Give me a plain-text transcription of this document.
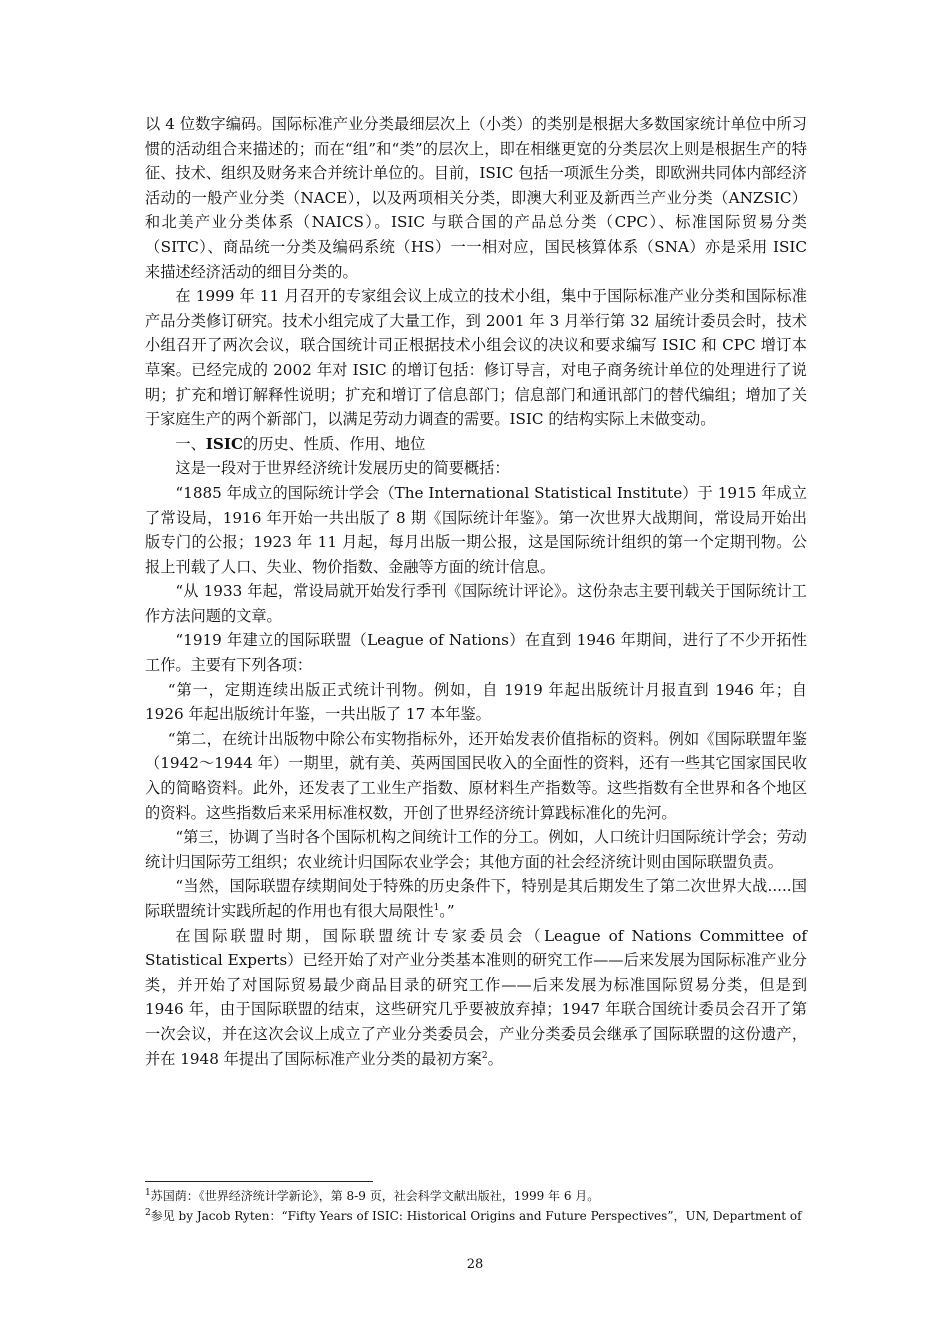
以 4 位数字编码。国际标准产业分类最细层次上（小类）的类别是根据大多数国家统计单位中所习惯的活动组合来描述的；而在“组”和“类”的层次上，即在相继更宽的分类层次上则是根据生产的特征、技术、组织及财务来合并统计单位的。目前，ISIC 包括一项派生分类，即欧洲共同体内部经济活动的一般产业分类（NACE），以及两项相关分类，即澳大利亚及新西兰产业分类（ANZSIC）和北美产业分类体系（NAICS）。ISIC 与联合国的产品总分类（CPC）、标准国际贸易分类（SITC）、商品统一分类及编码系统（HS）一一相对应，国民核算体系（SNA）亦是采用 ISIC 来描述经济活动的细目分类的。

在 1999 年 11 月召开的专家组会议上成立的技术小组，集中于国际标准产业分类和国际标准产品分类修订研究。技术小组完成了大量工作，到 2001 年 3 月举行第 32 届统计委员会时，技术小组召开了两次会议，联合国统计司正根据技术小组会议的决议和要求编写 ISIC 和 CPC 增订本草案。已经完成的 2002 年对 ISIC 的增订包括：修订导言，对电子商务统计单位的处理进行了说明；扩充和增订解释性说明；扩充和增订了信息部门；信息部门和通讯部门的替代编组；增加了关于家庭生产的两个新部门，以满足劳动力调查的需要。ISIC 的结构实际上未做变动。

一、ISIC的历史、性质、作用、地位

这是一段对于世界经济统计发展历史的简要概括：

“1885 年成立的国际统计学会（The International Statistical Institute）于 1915 年成立了常设局，1916 年开始一共出版了 8 期《国际统计年鉴》。第一次世界大战期间，常设局开始出版专门的公报；1923 年 11 月起，每月出版一期公报，这是国际统计组织的第一个定期刊物。公报上刊载了人口、失业、物价指数、金融等方面的统计信息。

“从 1933 年起，常设局就开始发行季刊《国际统计评论》。这份杂志主要刊载关于国际统计工作方法问题的文章。

“1919 年建立的国际联盟（League of Nations）在直到 1946 年期间，进行了不少开拓性工作。主要有下列各项：

“第一，定期连续出版正式统计刊物。例如，自 1919 年起出版统计月报直到 1946 年；自 1926 年起出版统计年鉴，一共出版了 17 本年鉴。

“第二，在统计出版物中除公布实物指标外，还开始发表价值指标的资料。例如《国际联盟年鉴（1942～1944 年）一期里，就有美、英两国国民收入的全面性的资料，还有一些其它国家国民收入的简略资料。此外，还发表了工业生产指数、原材料生产指数等。这些指数有全世界和各个地区的资料。这些指数后来采用标准权数，开创了世界经济统计算践标准化的先河。

“第三，协调了当时各个国际机构之间统计工作的分工。例如，人口统计归国际统计学会；劳动统计归国际劳工组织；农业统计归国际农业学会；其他方面的社会经济统计则由国际联盟负责。

“当然，国际联盟存续期间处于特殊的历史条件下，特别是其后期发生了第二次世界大战.....国际联盟统计实践所起的作用也有很大局限性$^1$。”

在国际联盟时期，国际联盟统计专家委员会（League of Nations Committee of Statistical Experts）已经开始了对产业分类基本准则的研究工作——后来发展为国际标准产业分类，并开始了对国际贸易最少商品目录的研究工作——后来发展为标准国际贸易分类，但是到 1946 年，由于国际联盟的结束，这些研究几乎要被放弃掉；1947 年联合国统计委员会召开了第一次会议，并在这次会议上成立了产业分类委员会，产业分类委员会继承了国际联盟的这份遗产，并在 1948 年提出了国际标准产业分类的最初方案$^2$。

$^1$苏国荫：《世界经济统计学新论》，第 8-9 页，社会科学文献出版社，1999 年 6 月。

$^2$参见 by Jacob Ryten：“Fifty Years of ISIC: Historical Origins and Future Perspectives”，UN, Department of

28
